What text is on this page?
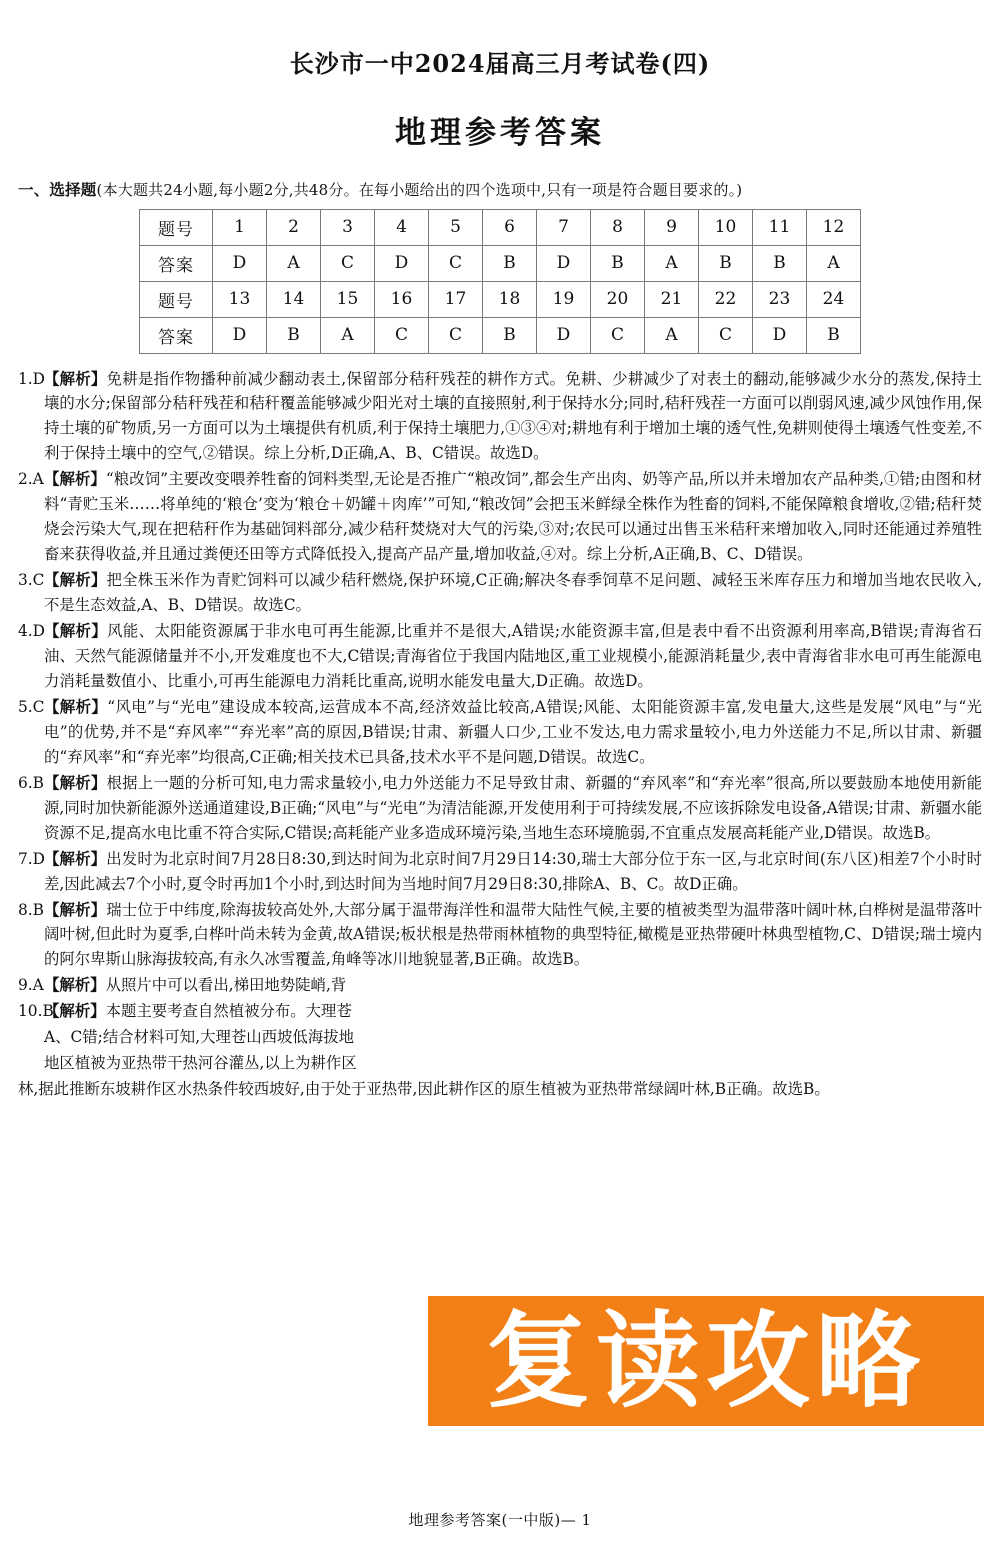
长沙市一中2024届高三月考试卷(四)
地理参考答案
一、选择题(本大题共24小题,每小题2分,共48分。在每小题给出的四个选项中,只有一项是符合题目要求的。)
题号	1	2	3	4	5	6	7	8	9	10	11	12
答案	D	A	C	D	C	B	D	B	A	B	B	A
题号	13	14	15	16	17	18	19	20	21	22	23	24
答案	D	B	A	C	C	B	D	C	A	C	D	B
1.D
【解析】免耕是指作物播种前减少翻动表土,保留部分秸秆残茬的耕作方式。免耕、少耕减少了对表土的翻动,能够减少水分的蒸发,保持土壤的水分;保留部分秸秆残茬和秸秆覆盖能够减少阳光对土壤的直接照射,利于保持水分;同时,秸秆残茬一方面可以削弱风速,减少风蚀作用,保持土壤的矿物质,另一方面可以为土壤提供有机质,利于保持土壤肥力,①③④对;耕地有利于增加土壤的透气性,免耕则使得土壤透气性变差,不利于保持土壤中的空气,②错误。综上分析,D正确,A、B、C错误。故选D。
2.A 【解析】“粮改饲”主要改变喂养牲畜的饲料类型,无论是否推广“粮改饲”,都会生产出肉、奶等产品,所以并未增加农产品种类,①错;由图和材料“青贮玉米……将单纯的‘粮仓’变为‘粮仓＋奶罐＋肉库’”可知,“粮改饲”会把玉米鲜绿全株作为牲畜的饲料,不能保障粮食增收,②错;秸秆焚烧会污染大气,现在把秸秆作为基础饲料部分,减少秸秆焚烧对大气的污染,③对;农民可以通过出售玉米秸秆来增加收入,同时还能通过养殖牲畜来获得收益,并且通过粪便还田等方式降低投入,提高产品产量,增加收益,④对。综上分析,A正确,B、C、D错误。
3.C 【解析】把全株玉米作为青贮饲料可以减少秸秆燃烧,保护环境,C正确;解决冬春季饲草不足问题、减轻玉米库存压力和增加当地农民收入,不是生态效益,A、B、D错误。故选C。
4.D
【解析】风能、太阳能资源属于非水电可再生能源,比重并不是很大,A错误;水能资源丰富,但是表中看不出资源利用率高,B错误;青海省石油、天然气能源储量并不小,开发难度也不大,C错误;青海省位于我国内陆地区,重工业规模小,能源消耗量少,表中青海省非水电可再生能源电力消耗量数值小、比重小,可再生能源电力消耗比重高,说明水能发电量大,D正确。故选D。
5.C 【解析】“风电”与“光电”建设成本较高,运营成本不高,经济效益比较高,A错误;风能、太阳能资源丰富,发电量大,这些是发展“风电”与“光电”的优势,并不是“弃风率”“弃光率”高的原因,B错误;甘肃、新疆人口少,工业不发达,电力需求量较小,电力外送能力不足,所以甘肃、新疆的“弃风率”和“弃光率”均很高,C正确;相关技术已具备,技术水平不是问题,D错误。故选C。
6.B 【解析】根据上一题的分析可知,电力需求量较小,电力外送能力不足导致甘肃、新疆的“弃风率”和“弃光率”很高,所以要鼓励本地使用新能源,同时加快新能源外送通道建设,B正确;“风电”与“光电”为清洁能源,开发使用利于可持续发展,不应该拆除发电设备,A错误;甘肃、新疆水能资源不足,提高水电比重不符合实际,C错误;高耗能产业多造成环境污染,当地生态环境脆弱,不宜重点发展高耗能产业,D错误。故选B。
7.D
【解析】出发时为北京时间7月28日8:30,到达时间为北京时间7月29日14:30,瑞士大部分位于东一区,与北京时间(东八区)相差7个小时时差,因此减去7个小时,夏令时再加1个小时,到达时间为当地时间7月29日8:30,排除A、B、C。故D正确。
8.B 【解析】瑞士位于中纬度,除海拔较高处外,大部分属于温带海洋性和温带大陆性气候,主要的植被类型为温带落叶阔叶林,白桦树是温带落叶阔叶树,但此时为夏季,白桦叶尚未转为金黄,故A错误;板状根是热带雨林植物的典型特征,橄榄是亚热带硬叶林典型植物,C、D错误;瑞士境内的阿尔卑斯山脉海拔较高,有永久冰雪覆盖,角峰等冰川地貌显著,B正确。故选B。
9.A 【解析】从照片中可以看出,梯田地势陡峭,背
10.B
【解析】本题主要考查自然植被分布。大理苍
A、C错;结合材料可知,大理苍山西坡低海拔地
地区植被为亚热带干热河谷灌丛,以上为耕作区
林,据此推断东坡耕作区水热条件较西坡好,由于处于亚热带,因此耕作区的原生植被为亚热带常绿阔叶林,B正确。故选B。
复读攻略
地理参考答案(一中版)— 1
